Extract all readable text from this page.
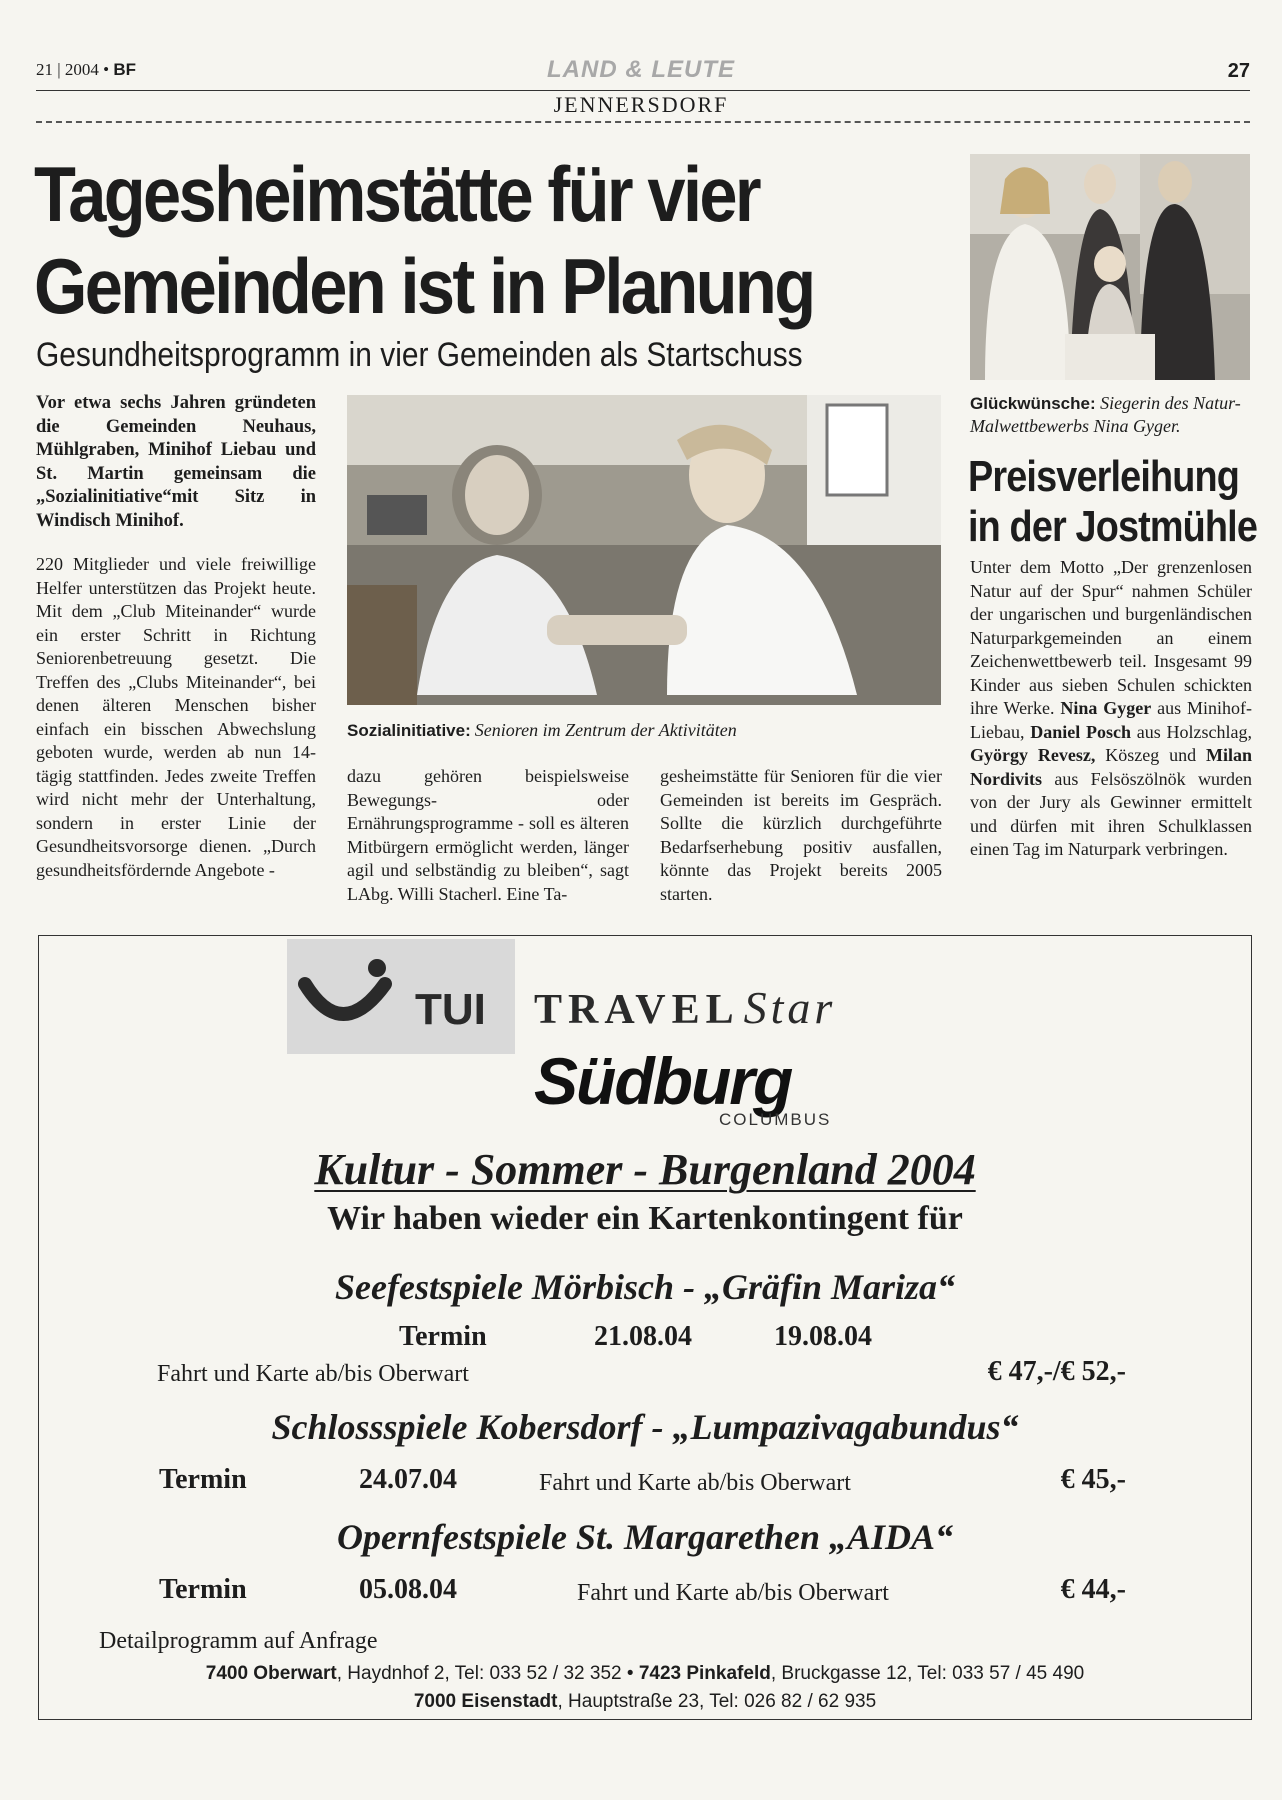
21 | 2004 • BF	LAND & LEUTE	27
JENNERSDORF
Tagesheimstätte für vier
Gemeinden ist in Planung
Gesundheitsprogramm in vier Gemeinden als Startschuss

Vor etwa sechs Jahren gründeten die Gemeinden Neuhaus, Mühlgraben, Minihof Liebau und St. Martin gemeinsam die „Sozialinitiative“mit Sitz in Windisch Minihof.

220 Mitglieder und viele freiwillige Helfer unterstützen das Projekt heute. Mit dem „Club Miteinander“ wurde ein erster Schritt in Richtung Seniorenbetreuung gesetzt. Die Treffen des „Clubs Miteinander“, bei denen älteren Menschen bisher einfach ein bisschen Abwechslung geboten wurde, werden ab nun 14-tägig stattfinden. Jedes zweite Treffen wird nicht mehr der Unterhaltung, sondern in erster Linie der Gesundheitsvorsorge dienen. „Durch gesundheitsfördernde Angebote -

Sozialinitiative: Senioren im Zentrum der Aktivitäten

dazu gehören beispielsweise Bewegungs- oder Ernährungsprogramme - soll es älteren Mitbürgern ermöglicht werden, länger agil und selbständig zu bleiben“, sagt LAbg. Willi Stacherl. Eine Ta-

gesheimstätte für Senioren für die vier Gemeinden ist bereits im Gespräch. Sollte die kürzlich durchgeführte Bedarfserhebung positiv ausfallen, könnte das Projekt bereits 2005 starten.

Glückwünsche: Siegerin des Natur-Malwettbewerbs Nina Gyger.
Preisverleihung
in der Jostmühle

Unter dem Motto „Der grenzenlosen Natur auf der Spur“ nahmen Schüler der ungarischen und burgenländischen Naturparkgemeinden an einem Zeichenwettbewerb teil. Insgesamt 99 Kinder aus sieben Schulen schickten ihre Werke. Nina Gyger aus Minihof-Liebau, Daniel Posch aus Holzschlag, György Revesz, Köszeg und Milan Nordivits aus Felsöszölnök wurden von der Jury als Gewinner ermittelt und dürfen mit ihren Schulklassen einen Tag im Naturpark verbringen.

TUI TRAVEL Star
Südburg
COLUMBUS
Kultur - Sommer - Burgenland 2004
Wir haben wieder ein Kartenkontingent für
Seefestspiele Mörbisch - „Gräfin Mariza“
Termin	21.08.04	19.08.04
Fahrt und Karte ab/bis Oberwart	€ 47,-/€ 52,-
Schlossspiele Kobersdorf - „Lumpazivagabundus“
Termin	24.07.04	Fahrt und Karte ab/bis Oberwart	€ 45,-
Opernfestspiele St. Margarethen „AIDA“
Termin	05.08.04	Fahrt und Karte ab/bis Oberwart	€ 44,-
Detailprogramm auf Anfrage
7400 Oberwart, Haydnhof 2, Tel: 033 52 / 32 352 • 7423 Pinkafeld, Bruckgasse 12, Tel: 033 57 / 45 490
7000 Eisenstadt, Hauptstraße 23, Tel: 026 82 / 62 935
